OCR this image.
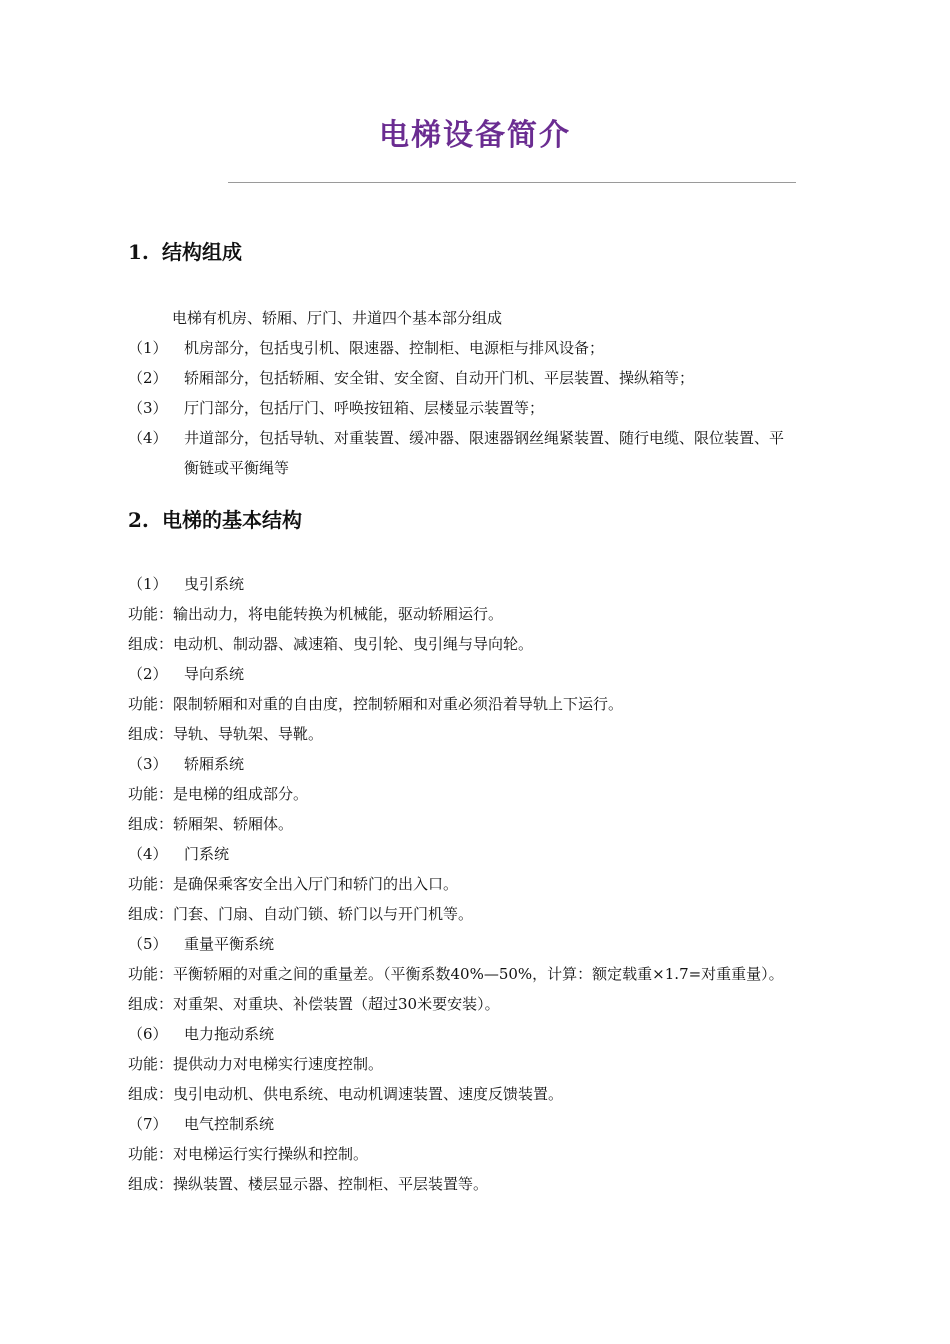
电梯设备简介
1. 结构组成
电梯有机房、轿厢、厅门、井道四个基本部分组成
（1） 机房部分，包括曳引机、限速器、控制柜、电源柜与排风设备；
（2） 轿厢部分，包括轿厢、安全钳、安全窗、自动开门机、平层装置、操纵箱等；
（3） 厅门部分，包括厅门、呼唤按钮箱、层楼显示装置等；
（4） 井道部分，包括导轨、对重装置、缓冲器、限速器钢丝绳紧装置、随行电缆、限位装置、平
衡链或平衡绳等
2. 电梯的基本结构
（1） 曳引系统
功能：输出动力，将电能转换为机械能，驱动轿厢运行。
组成：电动机、制动器、减速箱、曳引轮、曳引绳与导向轮。
（2） 导向系统
功能：限制轿厢和对重的自由度，控制轿厢和对重必须沿着导轨上下运行。
组成：导轨、导轨架、导靴。
（3） 轿厢系统
功能：是电梯的组成部分。
组成：轿厢架、轿厢体。
（4） 门系统
功能：是确保乘客安全出入厅门和轿门的出入口。
组成：门套、门扇、自动门锁、轿门以与开门机等。
（5） 重量平衡系统
功能：平衡轿厢的对重之间的重量差。（平衡系数40%—50%，计算：额定载重×1.7=对重重量）。
组成：对重架、对重块、补偿装置（超过30米要安装）。
（6） 电力拖动系统
功能：提供动力对电梯实行速度控制。
组成：曳引电动机、供电系统、电动机调速装置、速度反馈装置。
（7） 电气控制系统
功能：对电梯运行实行操纵和控制。
组成：操纵装置、楼层显示器、控制柜、平层装置等。
